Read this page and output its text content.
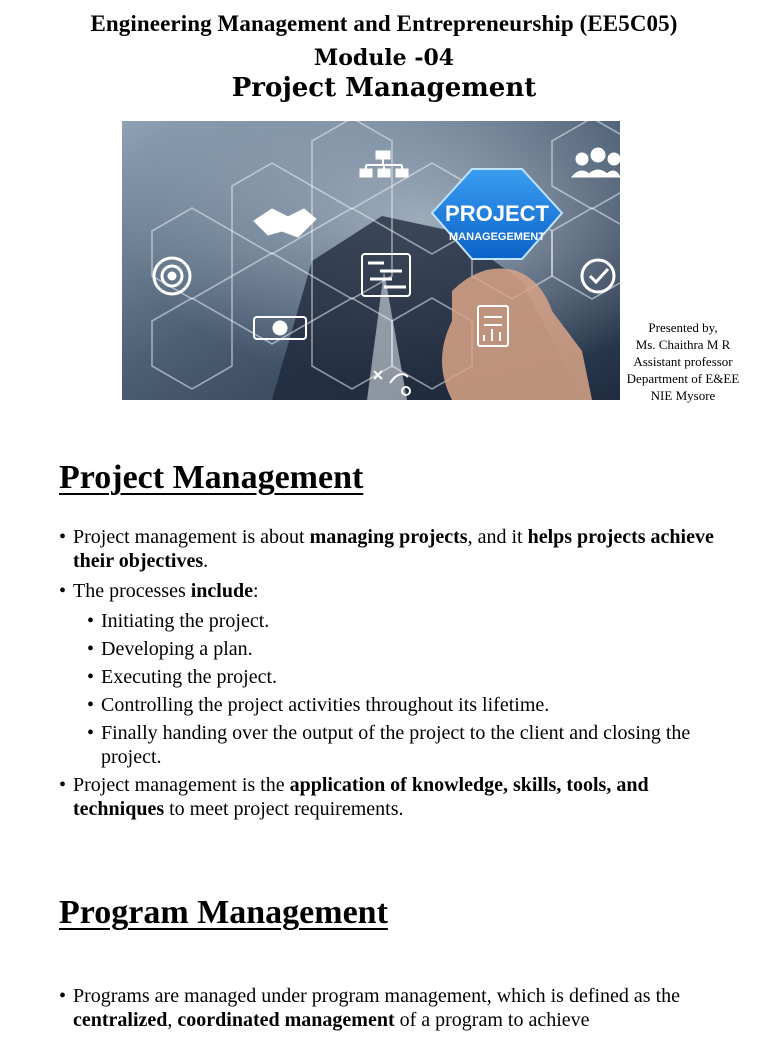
Engineering Management and Entrepreneurship (EE5C05)
Module -04
Project Management
PROJECT
MANAGEGEMENT
Presented by,
Ms. Chaithra M R
Assistant professor
Department of E&EE
NIE Mysore
Project Management
• Project management is about managing projects, and it helps projects achieve their objectives.
• The processes include:
• Initiating the project.
• Developing a plan.
• Executing the project.
• Controlling the project activities throughout its lifetime.
• Finally handing over the output of the project to the client and closing the project.
• Project management is the application of knowledge, skills, tools, and techniques to meet project requirements.
Program Management
• Programs are managed under program management, which is defined as the centralized, coordinated management of a program to achieve
